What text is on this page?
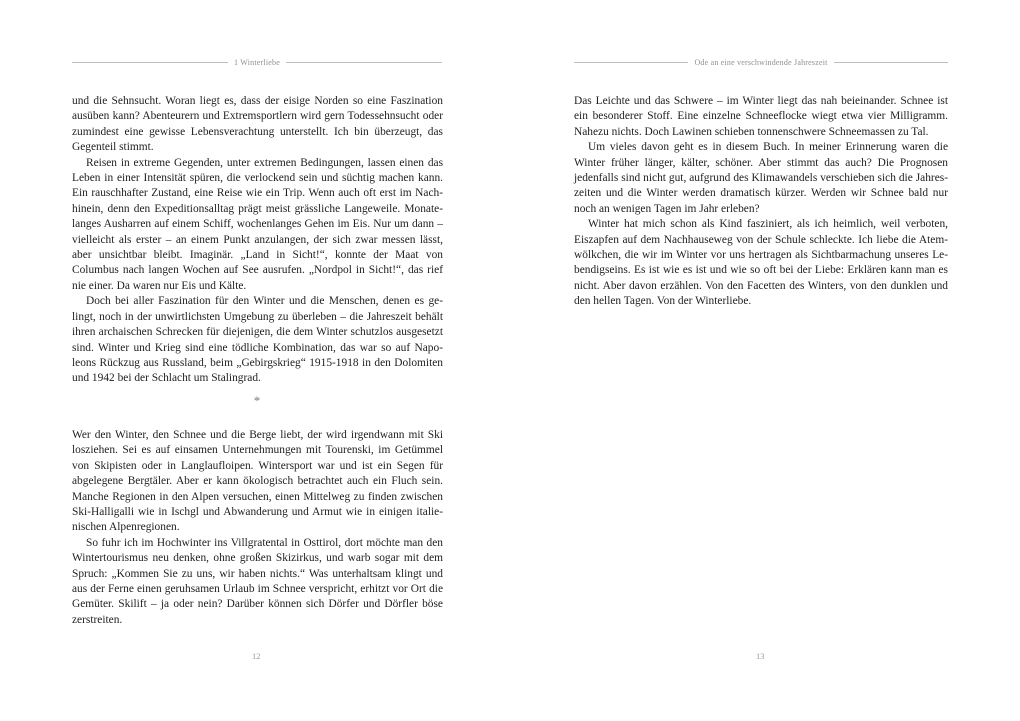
1 Winterliebe

und die Sehnsucht. Woran liegt es, dass der eisige Norden so eine Faszination ausüben kann? Abenteurern und Extremsportlern wird gern Todessehnsucht oder zumindest eine gewisse Lebensverachtung unterstellt. Ich bin überzeugt, das Gegenteil stimmt.

Reisen in extreme Gegenden, unter extremen Bedingungen, lassen einen das Leben in einer Intensität spüren, die verlockend sein und süchtig machen kann. Ein rauschhafter Zustand, eine Reise wie ein Trip. Wenn auch oft erst im Nachhinein, denn den Expeditionsalltag prägt meist grässliche Langeweile. Monatelanges Ausharren auf einem Schiff, wochenlanges Gehen im Eis. Nur um dann – vielleicht als erster – an einem Punkt anzulangen, der sich zwar messen lässt, aber unsichtbar bleibt. Imaginär. „Land in Sicht!“, konnte der Maat von Columbus nach langen Wochen auf See ausrufen. „Nordpol in Sicht!“, das rief nie einer. Da waren nur Eis und Kälte.

Doch bei aller Faszination für den Winter und die Menschen, denen es gelingt, noch in der unwirtlichsten Umgebung zu überleben – die Jahreszeit behält ihren archaischen Schrecken für diejenigen, die dem Winter schutzlos ausgesetzt sind. Winter und Krieg sind eine tödliche Kombination, das war so auf Napoleons Rückzug aus Russland, beim „Gebirgskrieg“ 1915-1918 in den Dolomiten und 1942 bei der Schlacht um Stalingrad.

*

Wer den Winter, den Schnee und die Berge liebt, der wird irgendwann mit Ski losziehen. Sei es auf einsamen Unternehmungen mit Tourenski, im Getümmel von Skipisten oder in Langlaufloipen. Wintersport war und ist ein Segen für abgelegene Bergtäler. Aber er kann ökologisch betrachtet auch ein Fluch sein. Manche Regionen in den Alpen versuchen, einen Mittelweg zu finden zwischen Ski-Halligalli wie in Ischgl und Abwanderung und Armut wie in einigen italienischen Alpenregionen.

So fuhr ich im Hochwinter ins Villgratental in Osttirol, dort möchte man den Wintertourismus neu denken, ohne großen Skizirkus, und warb sogar mit dem Spruch: „Kommen Sie zu uns, wir haben nichts.“ Was unterhaltsam klingt und aus der Ferne einen geruhsamen Urlaub im Schnee verspricht, erhitzt vor Ort die Gemüter. Skilift – ja oder nein? Darüber können sich Dörfer und Dörfler böse zerstreiten.

12
Ode an eine verschwindende Jahreszeit

Das Leichte und das Schwere – im Winter liegt das nah beieinander. Schnee ist ein besonderer Stoff. Eine einzelne Schneeflocke wiegt etwa vier Milligramm. Nahezu nichts. Doch Lawinen schieben tonnenschwere Schneemassen zu Tal.

Um vieles davon geht es in diesem Buch. In meiner Erinnerung waren die Winter früher länger, kälter, schöner. Aber stimmt das auch? Die Prognosen jedenfalls sind nicht gut, aufgrund des Klimawandels verschieben sich die Jahreszeiten und die Winter werden dramatisch kürzer. Werden wir Schnee bald nur noch an wenigen Tagen im Jahr erleben?

Winter hat mich schon als Kind fasziniert, als ich heimlich, weil verboten, Eiszapfen auf dem Nachhauseweg von der Schule schleckte. Ich liebe die Atemwölkchen, die wir im Winter vor uns hertragen als Sichtbarmachung unseres Lebendigseins. Es ist wie es ist und wie so oft bei der Liebe: Erklären kann man es nicht. Aber davon erzählen. Von den Facetten des Winters, von den dunklen und den hellen Tagen. Von der Winterliebe.

13
